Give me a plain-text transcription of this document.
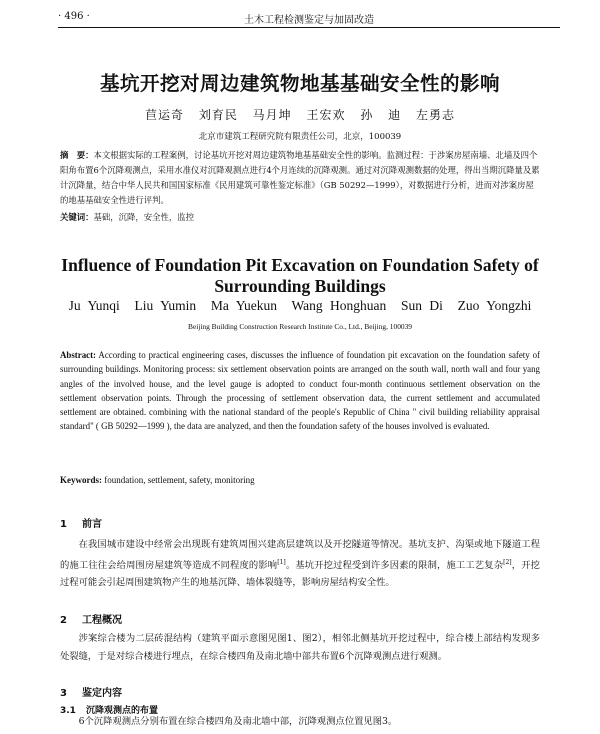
· 496 ·	土木工程检测鉴定与加固改造
基坑开挖对周边建筑物地基基础安全性的影响
苣运奇 刘育民 马月坤 王宏欢 孙 迪 左勇志
北京市建筑工程研究院有限责任公司，北京，100039
摘　要：本文根据实际的工程案例，讨论基坑开挖对周边建筑物地基基础安全性的影响。监测过程：于涉案房屋南墙、北墙及四个阳角布置6个沉降观测点，采用水准仪对沉降观测点进行4个月连续的沉降观测。通过对沉降观测数据的处理，得出当期沉降量及累计沉降量，结合中华人民共和国国家标准《民用建筑可靠性鉴定标准》（GB 50292—1999），对数据进行分析，进而对涉案房屋的地基基础安全性进行评判。
关键词：基础，沉降，安全性，监控
Influence of Foundation Pit Excavation on Foundation Safety of Surrounding Buildings
Ju Yunqi Liu Yumin Ma Yuekun Wang Honghuan Sun Di Zuo Yongzhi
Beijing Building Construction Research Institute Co., Ltd., Beijing, 100039
Abstract: According to practical engineering cases, discusses the influence of foundation pit excavation on the foundation safety of surrounding buildings. Monitoring process: six settlement observation points are arranged on the south wall, north wall and four yang angles of the involved house, and the level gauge is adopted to conduct four-month continuous settlement observation on the settlement observation points. Through the processing of settlement observation data, the current settlement and accumulated settlement are obtained. combining with the national standard of the people's Republic of China " civil building reliability appraisal standard" ( GB 50292—1999 ), the data are analyzed, and then the foundation safety of the houses involved is evaluated.
Keywords: foundation, settlement, safety, monitoring
1 前言
在我国城市建设中经常会出现既有建筑周围兴建高层建筑以及开挖隧道等情况。基坑支护、沟渠或地下隧道工程的施工往往会给周围房屋建筑等造成不同程度的影响[1]。基坑开挖过程受到许多因素的限制，施工工艺复杂[2]，开挖过程可能会引起周围建筑物产生的地基沉降、墙体裂缝等，影响房屋结构安全性。
2 工程概况
涉案综合楼为二层砖混结构（建筑平面示意图见图1、图2），相邻北侧基坑开挖过程中，综合楼上部结构发现多处裂缝，于是对综合楼进行埋点，在综合楼四角及南北墙中部共布置6个沉降观测点进行观测。
3 鉴定内容
3.1 沉降观测点的布置
6个沉降观测点分别布置在综合楼四角及南北墙中部，沉降观测点位置见图3。
